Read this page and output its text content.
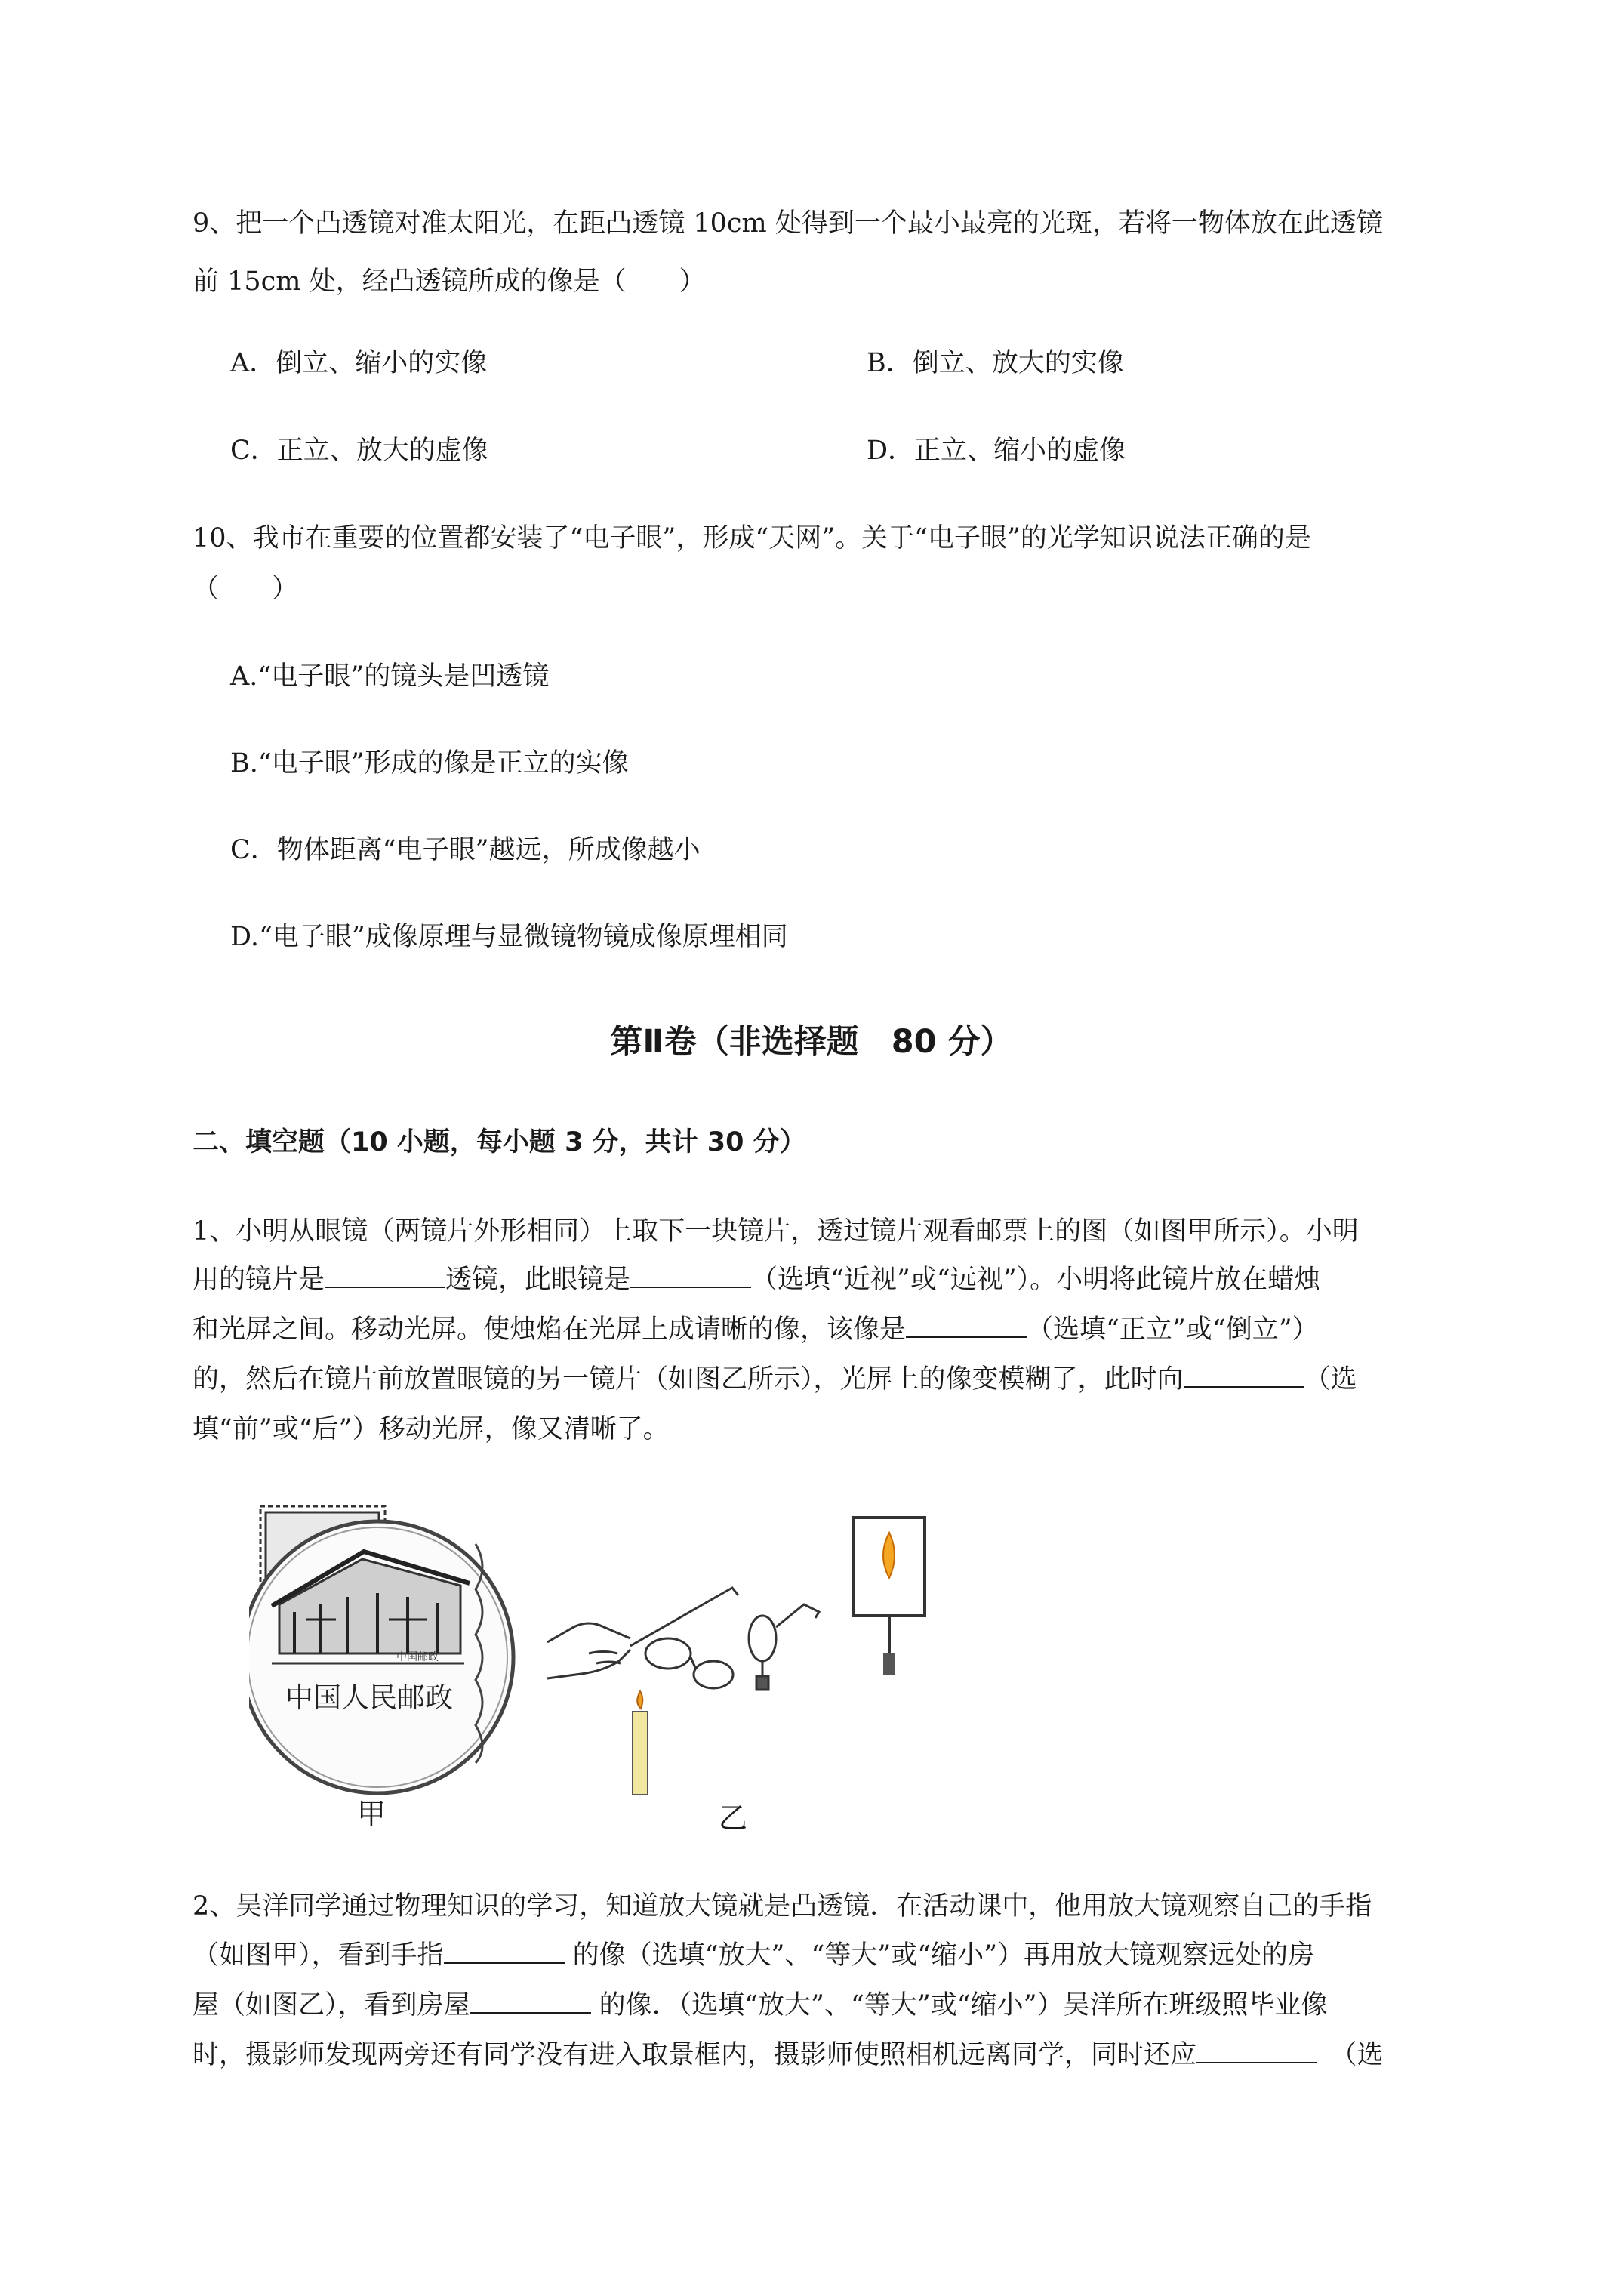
9、把一个凸透镜对准太阳光，在距凸透镜 10cm 处得到一个最小最亮的光斑，若将一物体放在此透镜
前 15cm 处，经凸透镜所成的像是（　　）
A．倒立、缩小的实像	B．倒立、放大的实像
C．正立、放大的虚像	D．正立、缩小的虚像
10、我市在重要的位置都安装了“电子眼”，形成“天网”。关于“电子眼”的光学知识说法正确的是
（　　）
A.“电子眼”的镜头是凹透镜
B.“电子眼”形成的像是正立的实像
C．物体距离“电子眼”越远，所成像越小
D.“电子眼”成像原理与显微镜物镜成像原理相同
第Ⅱ卷（非选择题　80 分）
二、填空题（10 小题，每小题 3 分，共计 30 分）
1、小明从眼镜（两镜片外形相同）上取下一块镜片，透过镜片观看邮票上的图（如图甲所示）。小明
用的镜片是	透镜，此眼镜是	（选填“近视”或“远视”）。小明将此镜片放在蜡烛
和光屏之间。移动光屏。使烛焰在光屏上成请晰的像，该像是	（选填“正立”或“倒立”）
的，然后在镜片前放置眼镜的另一镜片（如图乙所示），光屏上的像变模糊了，此时向	（选
填“前”或“后”）移动光屏，像又清晰了。
中国邮政
中国人民邮政
甲	乙
2、吴洋同学通过物理知识的学习，知道放大镜就是凸透镜．在活动课中，他用放大镜观察自己的手指
（如图甲），看到手指	的像（选填“放大”、“等大”或“缩小”）再用放大镜观察远处的房
屋（如图乙），看到房屋	的像．（选填“放大”、“等大”或“缩小”）吴洋所在班级照毕业像
时，摄影师发现两旁还有同学没有进入取景框内，摄影师使照相机远离同学，同时还应　	（选
